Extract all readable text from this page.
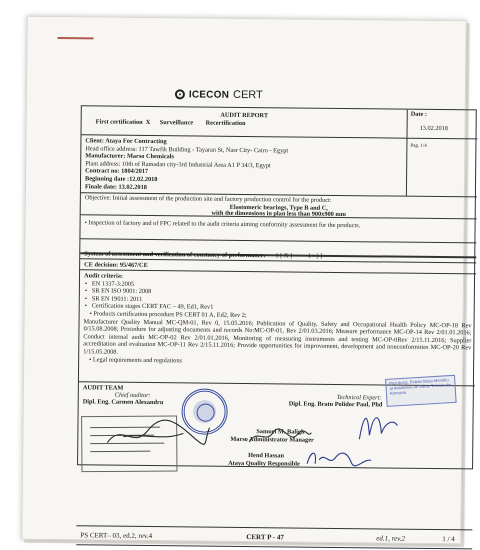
ICECON CERT
AUDIT REPORT
First certification  X      Surveillance        Recertification
Date :
13.02.2018
Pag. 1/4
Client: Ataya For Contracting
Head office address: 117 Tawfik Building - Tayaran St, Nasr City- Cairo - Egypt
Manufacturer: Marso Chemicals
Plant address: 10th of Ramadan city-3rd Industrial Area A1 P 34/3, Egypt
Contract no: 1804/2017
Beginning date :12.02.2018
Finale date: 13.02.2018
Objective: Initial assessment of the production site and factory production control for the product:
Elastomeric bearings, Type B and C,
with the dimensions in plan less than 900x900 mm
• Inspection of factory and of FPC related to the audit criteria aiming conformity assessment for the products.
System of assessment and verification of constancy of performance: 1 [ X ]	1+ [ ]
CE decision: 95/467/CE
Audit criteria:
• EN 1337-3:2005
• SR EN ISO 9001: 2008
• SR EN 19011: 2011
• Certification stages CERT FAC – 49, Ed1, Rev1
• Products certification procedure PS CERT 01 A, Ed2, Rev 2;
Manufacturer Quality Manual MC-QM-01, Rev 0, 15.05.2016; Publication of Quality, Safety and Occupational Health Policy MC-OP-18 Rev 0/15.08.2008; Procedure for adjusting documents and records No:MC-OP-01, Rev 2/01.03.2016; Measure performance MC-OP-14 Rev 2/01.01.2016; Conduct internal audit MC-OP-02 Rev 2/01.01.2016, Monitoring of measuring instruments and testing MC-OP-0Rev 2/15.11.2016; Supplier accreditation and evaluation MC-OP-11 Rev 2/15.11.2016; Provide opportunities for improvement, development and nonconformities MC-OP-20 Rev 1/15.05.2008.
• Legal requirements and regulations
AUDIT TEAM
Chief auditor:
Dipl. Eng. Carmen Alexandru
Technical Expert:
Dipl. Eng. Bratu Polidor Paul, Phd
Samuel M. Baligh
Marso Administrator Manager
Hend Hassan
Ataya Quality Responsible
Prof.dr.ing. Polidor Bratu Membru al Academiei de Stiinte Tehnice din Romania
PS CERT– 03, ed.2, rev.4	CERT P - 47	ed.1, rev.2	1 / 4
